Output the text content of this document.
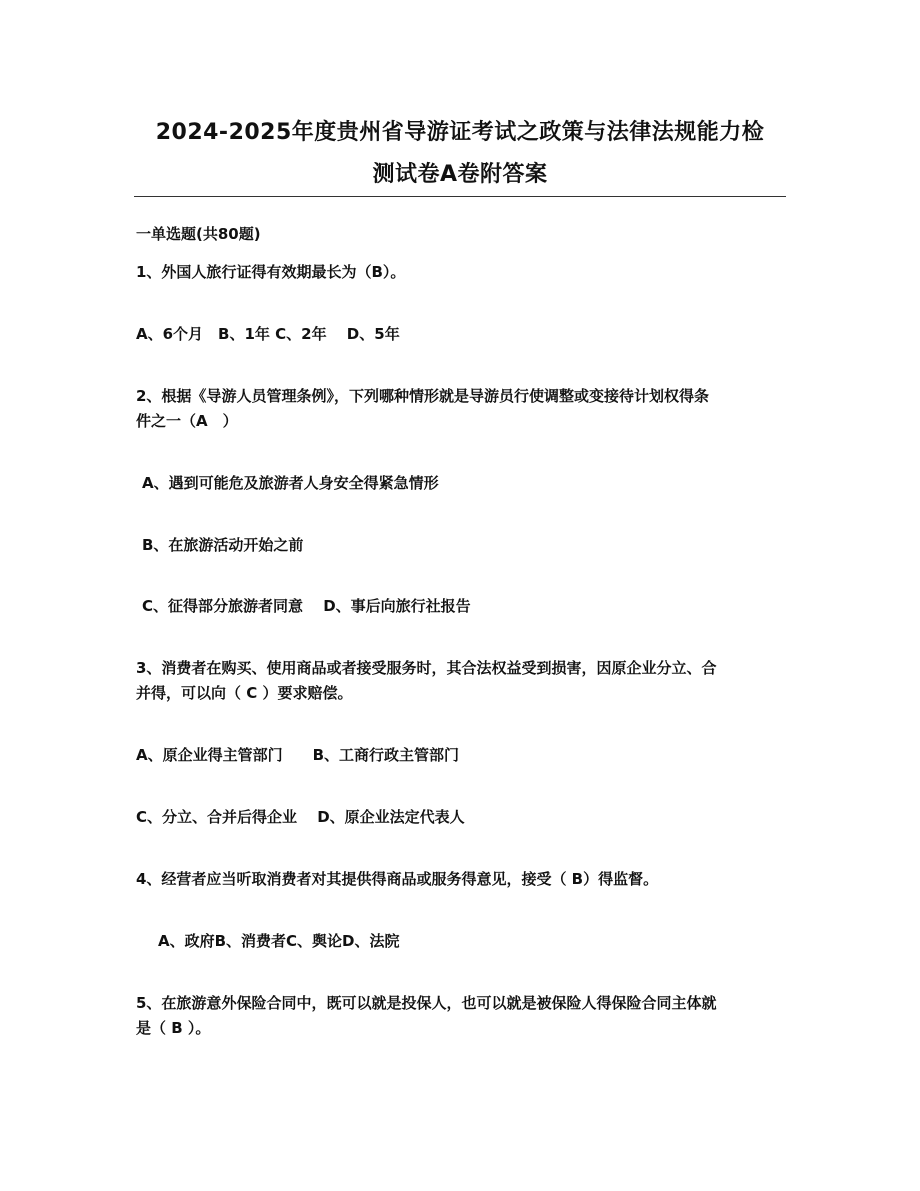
2024-2025年度贵州省导游证考试之政策与法律法规能力检
测试卷A卷附答案
一单选题(共80题)
1、外国人旅行证得有效期最长为（B）。
A、6个月　B、1年 C、2年　 D、5年
2、根据《导游人员管理条例》，下列哪种情形就是导游员行使调整或变接待计划权得条
件之一（A　）
A、遇到可能危及旅游者人身安全得紧急情形
B、在旅游活动开始之前
C、征得部分旅游者同意　 D、事后向旅行社报告
3、消费者在购买、使用商品或者接受服务时，其合法权益受到损害，因原企业分立、合
并得，可以向（ C ）要求赔偿。
A、原企业得主管部门　　B、工商行政主管部门
C、分立、合并后得企业　 D、原企业法定代表人
4、经营者应当听取消费者对其提供得商品或服务得意见，接受（ B）得监督。
A、政府B、消费者C、舆论D、法院
5、在旅游意外保险合同中，既可以就是投保人，也可以就是被保险人得保险合同主体就
是（ B ）。
